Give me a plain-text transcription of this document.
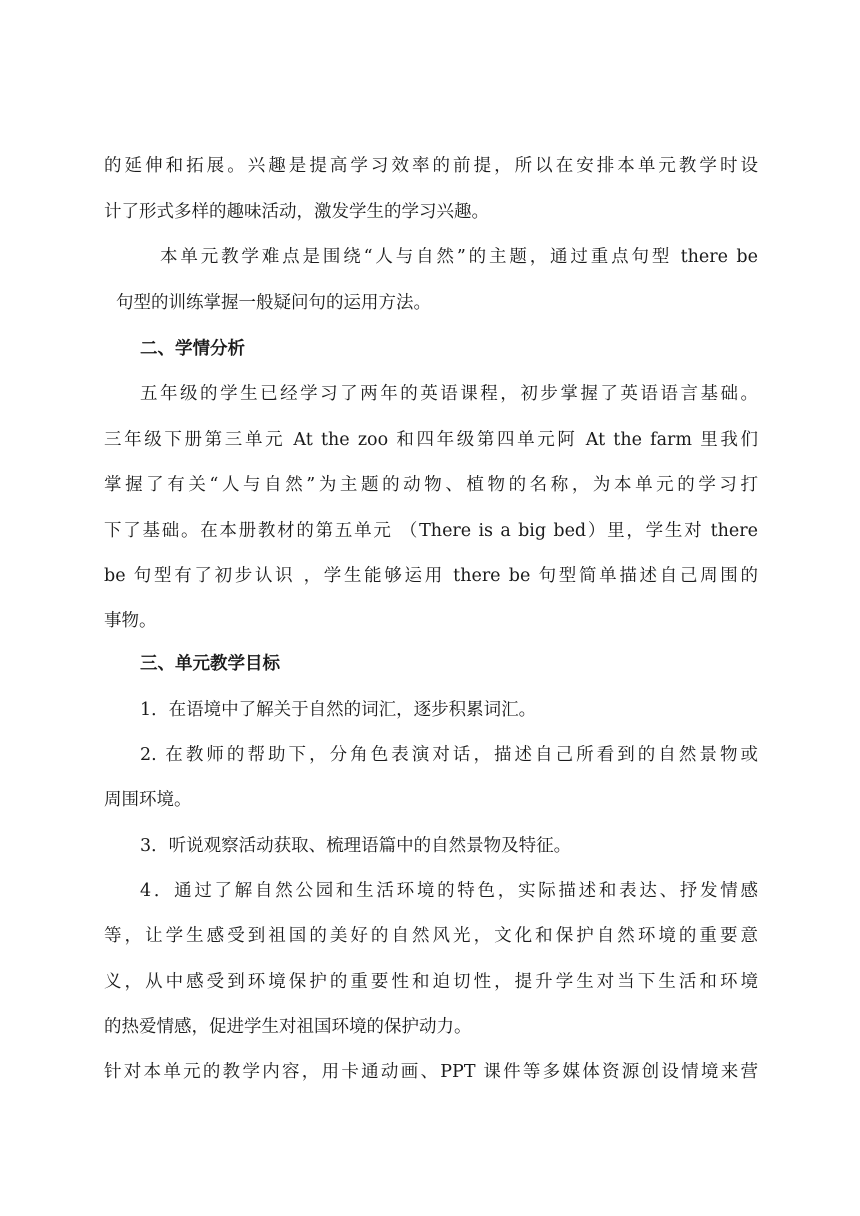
的延伸和拓展。兴趣是提高学习效率的前提，所以在安排本单元教学时设
计了形式多样的趣味活动，激发学生的学习兴趣。
本单元教学难点是围绕“人与自然”的主题，通过重点句型 there be
句型的训练掌握一般疑问句的运用方法。
二、学情分析
五年级的学生已经学习了两年的英语课程，初步掌握了英语语言基础。
三年级下册第三单元 At the zoo 和四年级第四单元阿 At the farm 里我们
掌握了有关“人与自然”为主题的动物、植物的名称，为本单元的学习打
下了基础。在本册教材的第五单元 （There is a big bed）里，学生对 there
be 句型有了初步认识 ，学生能够运用 there be 句型简单描述自己周围的
事物。
三、单元教学目标
1．在语境中了解关于自然的词汇，逐步积累词汇。
2. 在教师的帮助下，分角色表演对话，描述自己所看到的自然景物或
周围环境。
3．听说观察活动获取、梳理语篇中的自然景物及特征。
4．通过了解自然公园和生活环境的特色，实际描述和表达、抒发情感
等，让学生感受到祖国的美好的自然风光，文化和保护自然环境的重要意
义，从中感受到环境保护的重要性和迫切性，提升学生对当下生活和环境
的热爱情感，促进学生对祖国环境的保护动力。
针对本单元的教学内容，用卡通动画、PPT 课件等多媒体资源创设情境来营
